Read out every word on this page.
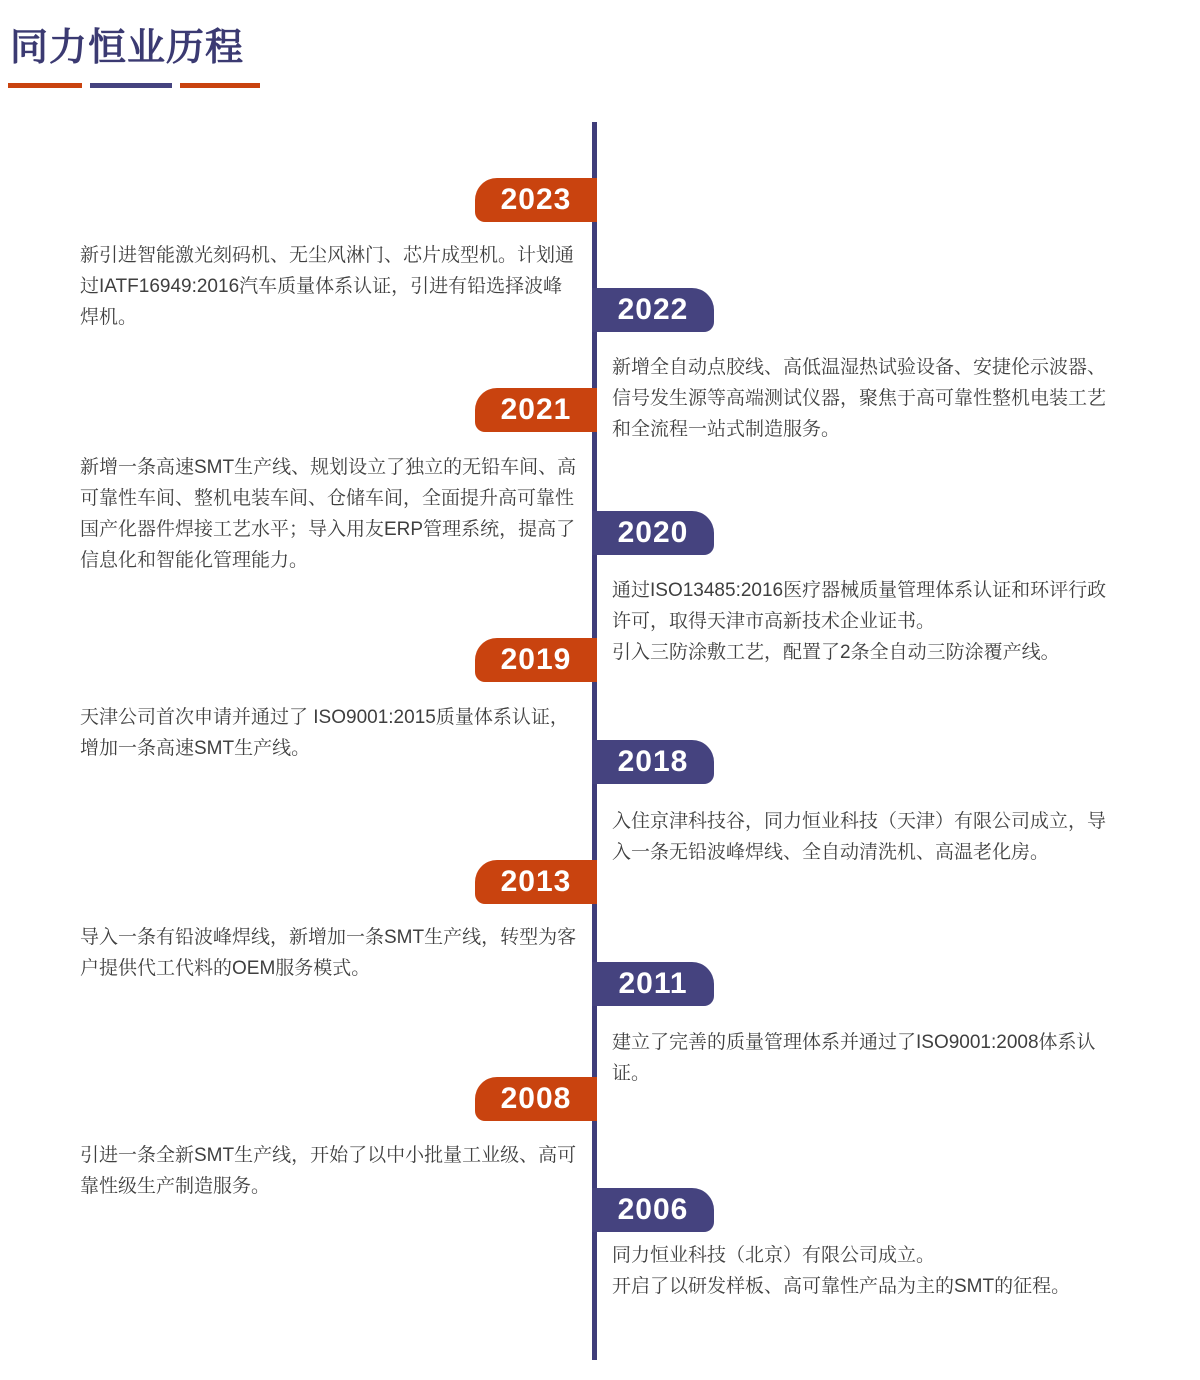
同力恒业历程
2023

新引进智能激光刻码机、无尘风淋门、芯片成型机。计划通过IATF16949:2016汽车质量体系认证，引进有铅选择波峰焊机。	2022

新增全自动点胶线、高低温湿热试验设备、安捷伦示波器、信号发生源等高端测试仪器，聚焦于高可靠性整机电装工艺和全流程一站式制造服务。

2021

新增一条高速SMT生产线、规划设立了独立的无铅车间、高可靠性车间、整机电装车间、仓储车间，全面提升高可靠性国产化器件焊接工艺水平；导入用友ERP管理系统，提高了信息化和智能化管理能力。

2020

通过ISO13485:2016医疗器械质量管理体系认证和环评行政许可，取得天津市高新技术企业证书。

引入三防涂敷工艺，配置了2条全自动三防涂覆产线。

2019

天津公司首次申请并通过了 ISO9001:2015质量体系认证，增加一条高速SMT生产线。	2018

入住京津科技谷，同力恒业科技（天津）有限公司成立，导入一条无铅波峰焊线、全自动清洗机、高温老化房。

2013

导入一条有铅波峰焊线，新增加一条SMT生产线，转型为客户提供代工代料的OEM服务模式。	2011

建立了完善的质量管理体系并通过了ISO9001:2008体系认证。

2008

引进一条全新SMT生产线，开始了以中小批量工业级、高可靠性级生产制造服务。

2006

同力恒业科技（北京）有限公司成立。

开启了以研发样板、高可靠性产品为主的SMT的征程。
